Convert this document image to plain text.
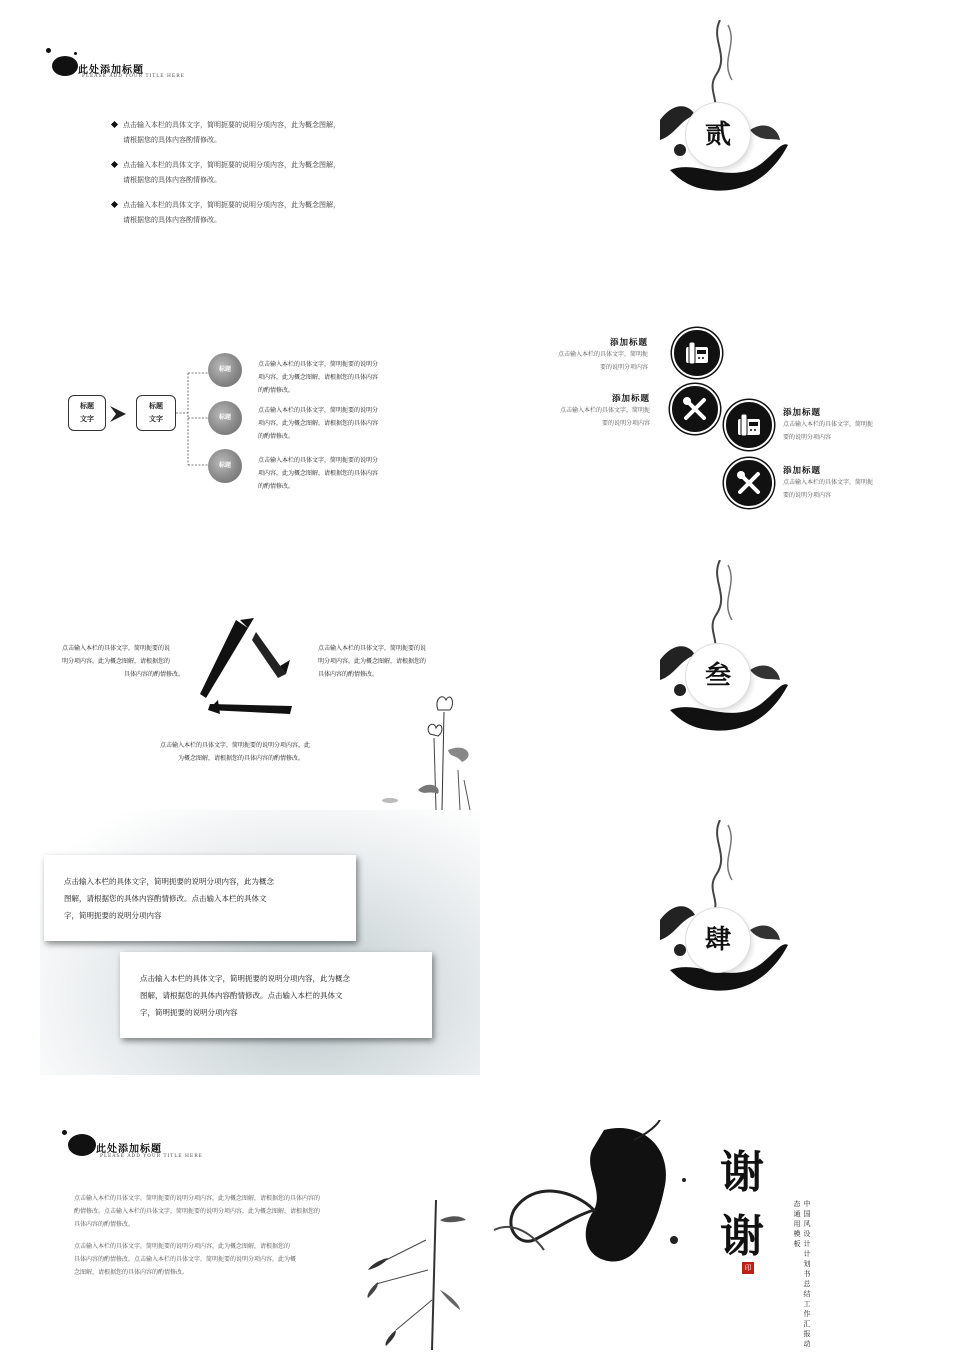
此处添加标题
PLEASE ADD YOUR TITLE HERE
点击输入本栏的具体文字，简明扼要的说明分项内容，此为概念图解，
请根据您的具体内容酌情修改。
点击输入本栏的具体文字，简明扼要的说明分项内容，此为概念图解，
请根据您的具体内容酌情修改。
点击输入本栏的具体文字，简明扼要的说明分项内容，此为概念图解，
请根据您的具体内容酌情修改。
贰
标题
文字
标题
文字
标题
标题
标题
点击输入本栏的具体文字，简明扼要的说明分
项内容，此为概念图解，请根据您的具体内容
的酌情修改。
点击输入本栏的具体文字，简明扼要的说明分
项内容，此为概念图解，请根据您的具体内容
的酌情修改。
点击输入本栏的具体文字，简明扼要的说明分
项内容，此为概念图解，请根据您的具体内容
的酌情修改。
添加标题
点击输入本栏的具体文字，简明扼
要的说明分项内容
添加标题
点击输入本栏的具体文字，简明扼
要的说明分项内容
添加标题
点击输入本栏的具体文字，简明扼
要的说明分项内容
添加标题
点击输入本栏的具体文字，简明扼
要的说明分项内容
点击输入本栏的具体文字，简明扼要的说
明分项内容，此为概念图解，请根据您的
具体内容的酌情修改。
点击输入本栏的具体文字，简明扼要的说
明分项内容，此为概念图解，请根据您的
具体内容的酌情修改。
点击输入本栏的具体文字，简明扼要的说明分项内容，此
为概念图解，请根据您的具体内容的酌情修改。
叁
点击输入本栏的具体文字，简明扼要的说明分项内容，此为概念
图解，请根据您的具体内容酌情修改。点击输入本栏的具体文
字，简明扼要的说明分项内容
点击输入本栏的具体文字，简明扼要的说明分项内容，此为概念
图解，请根据您的具体内容酌情修改。点击输入本栏的具体文
字，简明扼要的说明分项内容
肆
此处添加标题
PLEASE ADD YOUR TITLE HERE
点击输入本栏的具体文字，简明扼要的说明分项内容，此为概念图解，请根据您的具体内容的
酌情修改。点击输入本栏的具体文字，简明扼要的说明分项内容，此为概念图解，请根据您的
具体内容的酌情修改。
点击输入本栏的具体文字，简明扼要的说明分项内容，此为概念图解，请根据您的
具体内容的酌情修改。点击输入本栏的具体文字，简明扼要的说明分项内容，此为概
念图解，请根据您的具体内容的酌情修改。
谢
谢
印	中国风设计计划书总结工作汇报动
态通用模板
